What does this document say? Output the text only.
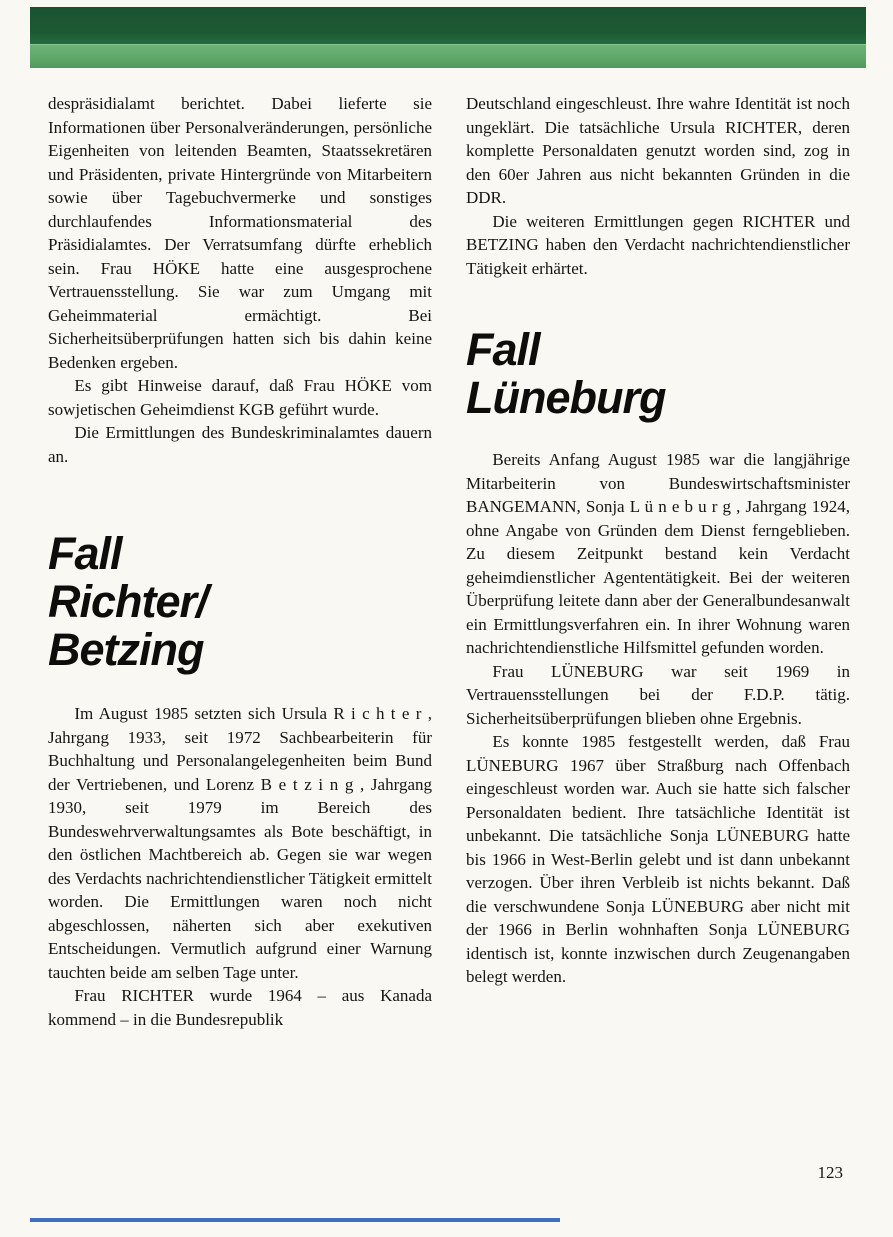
despräsidialamt berichtet. Dabei lieferte sie Informationen über Personalveränderungen, persönliche Eigenheiten von leitenden Beamten, Staatssekretären und Präsidenten, private Hintergründe von Mitarbeitern sowie über Tagebuchvermerke und sonstiges durchlaufendes Informationsmaterial des Präsidialamtes. Der Verratsumfang dürfte erheblich sein. Frau HÖKE hatte eine ausgesprochene Vertrauensstellung. Sie war zum Umgang mit Geheimmaterial ermächtigt. Bei Sicherheitsüberprüfungen hatten sich bis dahin keine Bedenken ergeben.

Es gibt Hinweise darauf, daß Frau HÖKE vom sowjetischen Geheimdienst KGB geführt wurde.

Die Ermittlungen des Bundeskriminalamtes dauern an.

Fall
Richter/
Betzing

Im August 1985 setzten sich Ursula R i c h t e r , Jahrgang 1933, seit 1972 Sachbearbeiterin für Buchhaltung und Personalangelegenheiten beim Bund der Vertriebenen, und Lorenz B e t z i n g , Jahrgang 1930, seit 1979 im Bereich des Bundeswehrverwaltungsamtes als Bote beschäftigt, in den östlichen Machtbereich ab. Gegen sie war wegen des Verdachts nachrichtendienstlicher Tätigkeit ermittelt worden. Die Ermittlungen waren noch nicht abgeschlossen, näherten sich aber exekutiven Entscheidungen. Vermutlich aufgrund einer Warnung tauchten beide am selben Tage unter.

Frau RICHTER wurde 1964 – aus Kanada kommend – in die Bundesrepublik

Deutschland eingeschleust. Ihre wahre Identität ist noch ungeklärt. Die tatsächliche Ursula RICHTER, deren komplette Personaldaten genutzt worden sind, zog in den 60er Jahren aus nicht bekannten Gründen in die DDR.

Die weiteren Ermittlungen gegen RICHTER und BETZING haben den Verdacht nachrichtendienstlicher Tätigkeit erhärtet.

Fall
Lüneburg

Bereits Anfang August 1985 war die langjährige Mitarbeiterin von Bundeswirtschaftsminister BANGEMANN, Sonja L ü n e b u r g , Jahrgang 1924, ohne Angabe von Gründen dem Dienst ferngeblieben. Zu diesem Zeitpunkt bestand kein Verdacht geheimdienstlicher Agententätigkeit. Bei der weiteren Überprüfung leitete dann aber der Generalbundesanwalt ein Ermittlungsverfahren ein. In ihrer Wohnung waren nachrichtendienstliche Hilfsmittel gefunden worden.

Frau LÜNEBURG war seit 1969 in Vertrauensstellungen bei der F.D.P. tätig. Sicherheitsüberprüfungen blieben ohne Ergebnis.

Es konnte 1985 festgestellt werden, daß Frau LÜNEBURG 1967 über Straßburg nach Offenbach eingeschleust worden war. Auch sie hatte sich falscher Personaldaten bedient. Ihre tatsächliche Identität ist unbekannt. Die tatsächliche Sonja LÜNEBURG hatte bis 1966 in West-Berlin gelebt und ist dann unbekannt verzogen. Über ihren Verbleib ist nichts bekannt. Daß die verschwundene Sonja LÜNEBURG aber nicht mit der 1966 in Berlin wohnhaften Sonja LÜNEBURG identisch ist, konnte inzwischen durch Zeugenangaben belegt werden.

123
